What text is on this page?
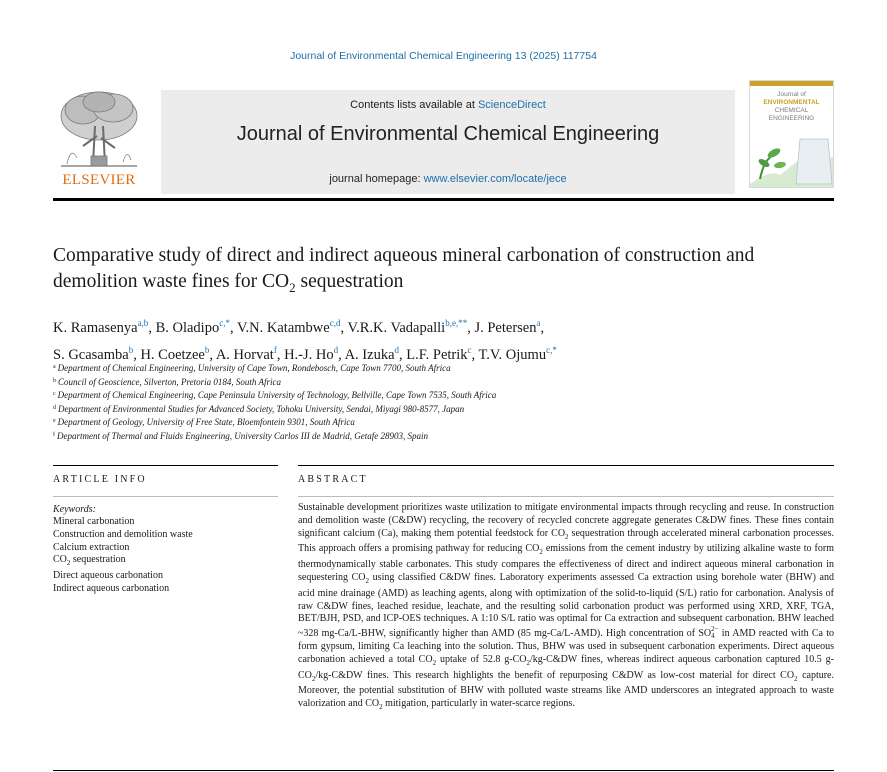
Journal of Environmental Chemical Engineering 13 (2025) 117754
ELSEVIER
Contents lists available at ScienceDirect
Journal of Environmental Chemical Engineering
journal homepage: www.elsevier.com/locate/jece
Journal of
ENVIRONMENTAL
CHEMICAL
ENGINEERING
Comparative study of direct and indirect aqueous mineral carbonation of construction and demolition waste fines for $CO_2$ sequestration
K. Ramasenya$^{a,b}$, B. Oladipo$^{c,*}$, V.N. Katambwe$^{c,d}$, V.R.K. Vadapalli$^{b,e,**}$, J. Petersen$^a$,
S. Gcasamba$^b$, H. Coetzee$^b$, A. Horvat$^f$, H.-J. Ho$^d$, A. Izuka$^d$, L.F. Petrik$^c$, T.V. Ojumu$^{c,*}$
$^a$ Department of Chemical Engineering, University of Cape Town, Rondebosch, Cape Town 7700, South Africa
$^b$ Council of Geoscience, Silverton, Pretoria 0184, South Africa
$^c$ Department of Chemical Engineering, Cape Peninsula University of Technology, Bellville, Cape Town 7535, South Africa
$^d$ Department of Environmental Studies for Advanced Society, Tohoku University, Sendai, Miyagi 980-8577, Japan
$^e$ Department of Geology, University of Free State, Bloemfontein 9301, South Africa
$^f$ Department of Thermal and Fluids Engineering, University Carlos III de Madrid, Getafe 28903, Spain
ARTICLE INFO	ABSTRACT
Keywords:
Mineral carbonation
Construction and demolition waste
Calcium extraction
$CO_2$ sequestration
Direct aqueous carbonation
Indirect aqueous carbonation
Sustainable development prioritizes waste utilization to mitigate environmental impacts through recycling and reuse. In construction and demolition waste (C&DW) recycling, the recovery of recycled concrete aggregate generates C&DW fines. These fines contain significant calcium (Ca), making them potential feedstock for $CO_2$ sequestration through accelerated mineral carbonation processes. This approach offers a promising pathway for reducing $CO_2$ emissions from the cement industry by utilizing alkaline waste to form thermodynamically stable carbonates. This study compares the effectiveness of direct and indirect aqueous mineral carbonation in sequestering $CO_2$ using classified C&DW fines. Laboratory experiments assessed Ca extraction using borehole water (BHW) and acid mine drainage (AMD) as leaching agents, along with optimization of the solid-to-liquid (S/L) ratio for carbonation. Analysis of raw C&DW fines, leached residue, leachate, and the resulting solid carbonation product was performed using XRD, XRF, TGA, BET/BJH, PSD, and ICP-OES techniques. A 1:10 S/L ratio was optimal for Ca extraction and subsequent carbonation. BHW leached ~328 mg-Ca/L-BHW, significantly higher than AMD (85 mg-Ca/L-AMD). High concentration of SO 2−
4 in AMD reacted with Ca to form gypsum, limiting Ca leaching into the solution. Thus, BHW was used in subsequent carbonation experiments. Direct aqueous carbonation achieved a total $CO_2$ uptake of 52.8 $g-CO_2/kg-C\&DW$ fines, whereas indirect aqueous carbonation captured 10.5 $g-CO_2/kg-C\&DW$ fines. This research highlights the benefit of repurposing C&DW as low-cost material for direct $CO_2$ capture. Moreover, the potential substitution of BHW with polluted waste streams like AMD underscores an integrated approach to waste valorization and $CO_2$ mitigation, particularly in water-scarce regions.
